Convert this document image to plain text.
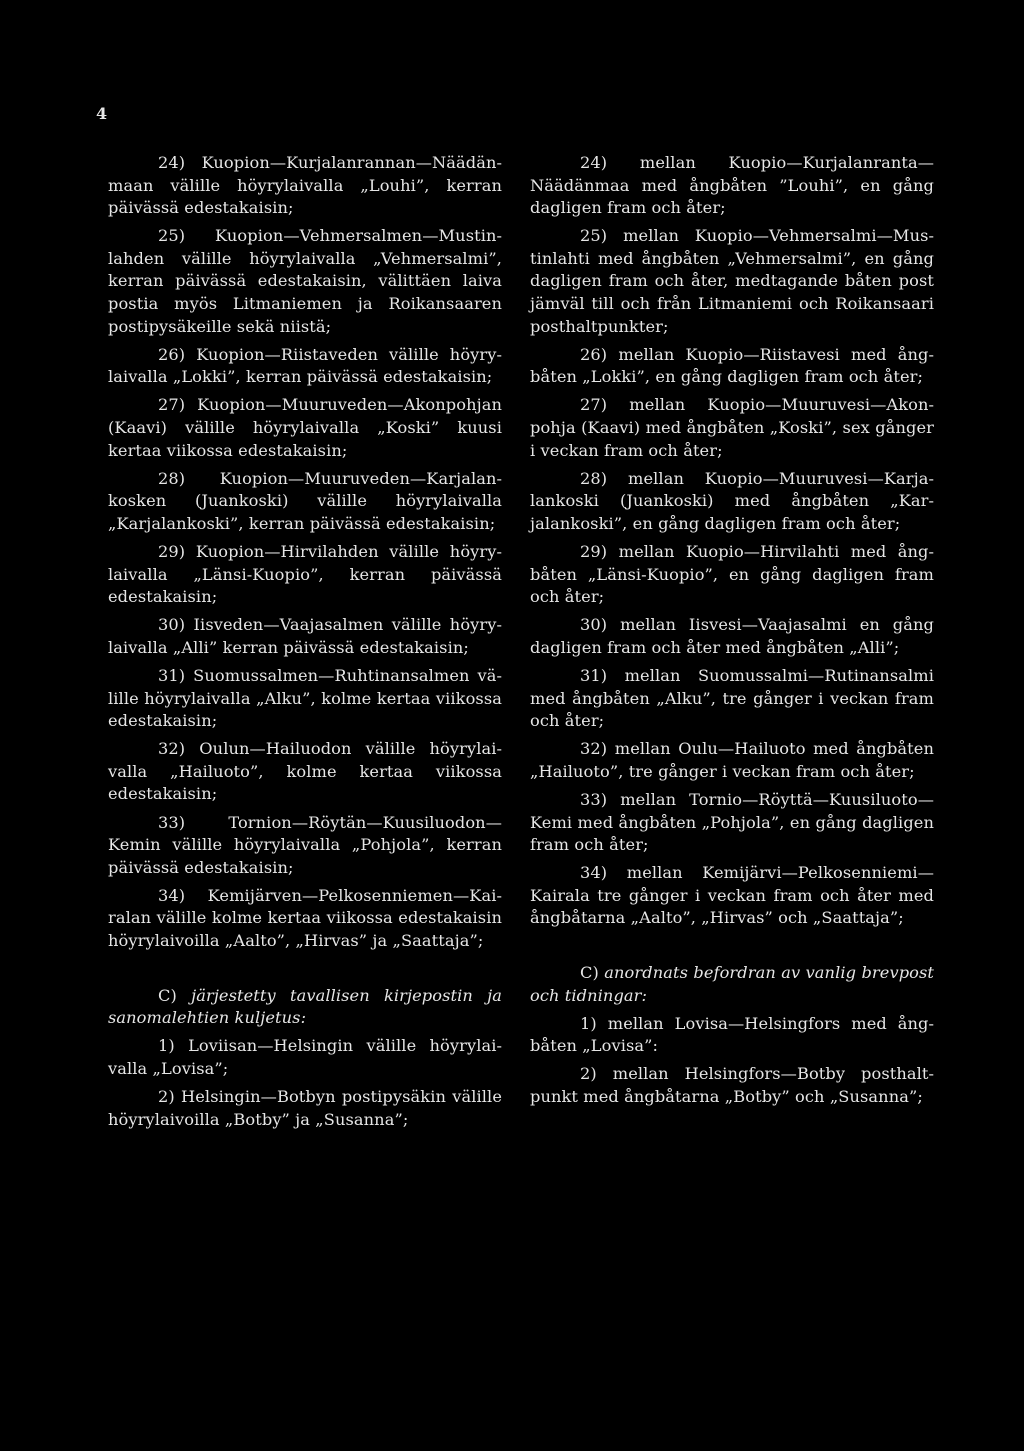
4

24) Kuopion—Kurjalanrannan—Näädänmaan välille höyrylaivalla „Louhi”, kerran päivässä edestakaisin;

25) Kuopion—Vehmersalmen—Mustinlahden välille höyrylaivalla „Vehmersalmi”, kerran päivässä edestakaisin, välittäen laiva postia myös Litmaniemen ja Roikansaaren postipysäkeille sekä niistä;

26) Kuopion—Riistaveden välille höyrylaivalla „Lokki”, kerran päivässä edestakaisin;

27) Kuopion—Muuruveden—Akonpohjan (Kaavi) välille höyrylaivalla „Koski” kuusi kertaa viikossa edestakaisin;

28) Kuopion—Muuruveden—Karjalankosken (Juankoski) välille höyrylaivalla „Karjalankoski”, kerran päivässä edestakaisin;

29) Kuopion—Hirvilahden välille höyrylaivalla „Länsi-Kuopio”, kerran päivässä edestakaisin;

30) Iisveden—Vaajasalmen välille höyrylaivalla „Alli” kerran päivässä edestakaisin;

31) Suomussalmen—Ruhtinansalmen välille höyrylaivalla „Alku”, kolme kertaa viikossa edestakaisin;

32) Oulun—Hailuodon välille höyrylaivalla „Hailuoto”, kolme kertaa viikossa edestakaisin;

33) Tornion—Röytän—Kuusiluodon—Kemin välille höyrylaivalla „Pohjola”, kerran päivässä edestakaisin;

34) Kemijärven—Pelkosenniemen—Kairalan välille kolme kertaa viikossa edestakaisin höyrylaivoilla „Aalto”, „Hirvas” ja „Saattaja”;

C) järjestetty tavallisen kirjepostin ja sanomalehtien kuljetus:

1) Loviisan—Helsingin välille höyrylaivalla „Lovisa”;

2) Helsingin—Botbyn postipysäkin välille höyrylaivoilla „Botby” ja „Susanna”;

24) mellan Kuopio—Kurjalanranta—Näädänmaa med ångbåten ”Louhi”, en gång dagligen fram och åter;

25) mellan Kuopio—Vehmersalmi—Mustinlahti med ångbåten „Vehmersalmi”, en gång dagligen fram och åter, medtagande båten post jämväl till och från Litmaniemi och Roikansaari posthaltpunkter;

26) mellan Kuopio—Riistavesi med ångbåten „Lokki”, en gång dagligen fram och åter;

27) mellan Kuopio—Muuruvesi—Akonpohja (Kaavi) med ångbåten „Koski”, sex gånger i veckan fram och åter;

28) mellan Kuopio—Muuruvesi—Karjalankoski (Juankoski) med ångbåten „Karjalankoski”, en gång dagligen fram och åter;

29) mellan Kuopio—Hirvilahti med ångbåten „Länsi-Kuopio”, en gång dagligen fram och åter;

30) mellan Iisvesi—Vaajasalmi en gång dagligen fram och åter med ångbåten „Alli”;

31) mellan Suomussalmi—Rutinansalmi med ångbåten „Alku”, tre gånger i veckan fram och åter;

32) mellan Oulu—Hailuoto med ångbåten „Hailuoto”, tre gånger i veckan fram och åter;

33) mellan Tornio—Röyttä—Kuusiluoto—Kemi med ångbåten „Pohjola”, en gång dagligen fram och åter;

34) mellan Kemijärvi—Pelkosenniemi—Kairala tre gånger i veckan fram och åter med ångbåtarna „Aalto”, „Hirvas” och „Saattaja”;

C) anordnats befordran av vanlig brevpost och tidningar:

1) mellan Lovisa—Helsingfors med ångbåten „Lovisa”:

2) mellan Helsingfors—Botby posthaltpunkt med ångbåtarna „Botby” och „Susanna”;
